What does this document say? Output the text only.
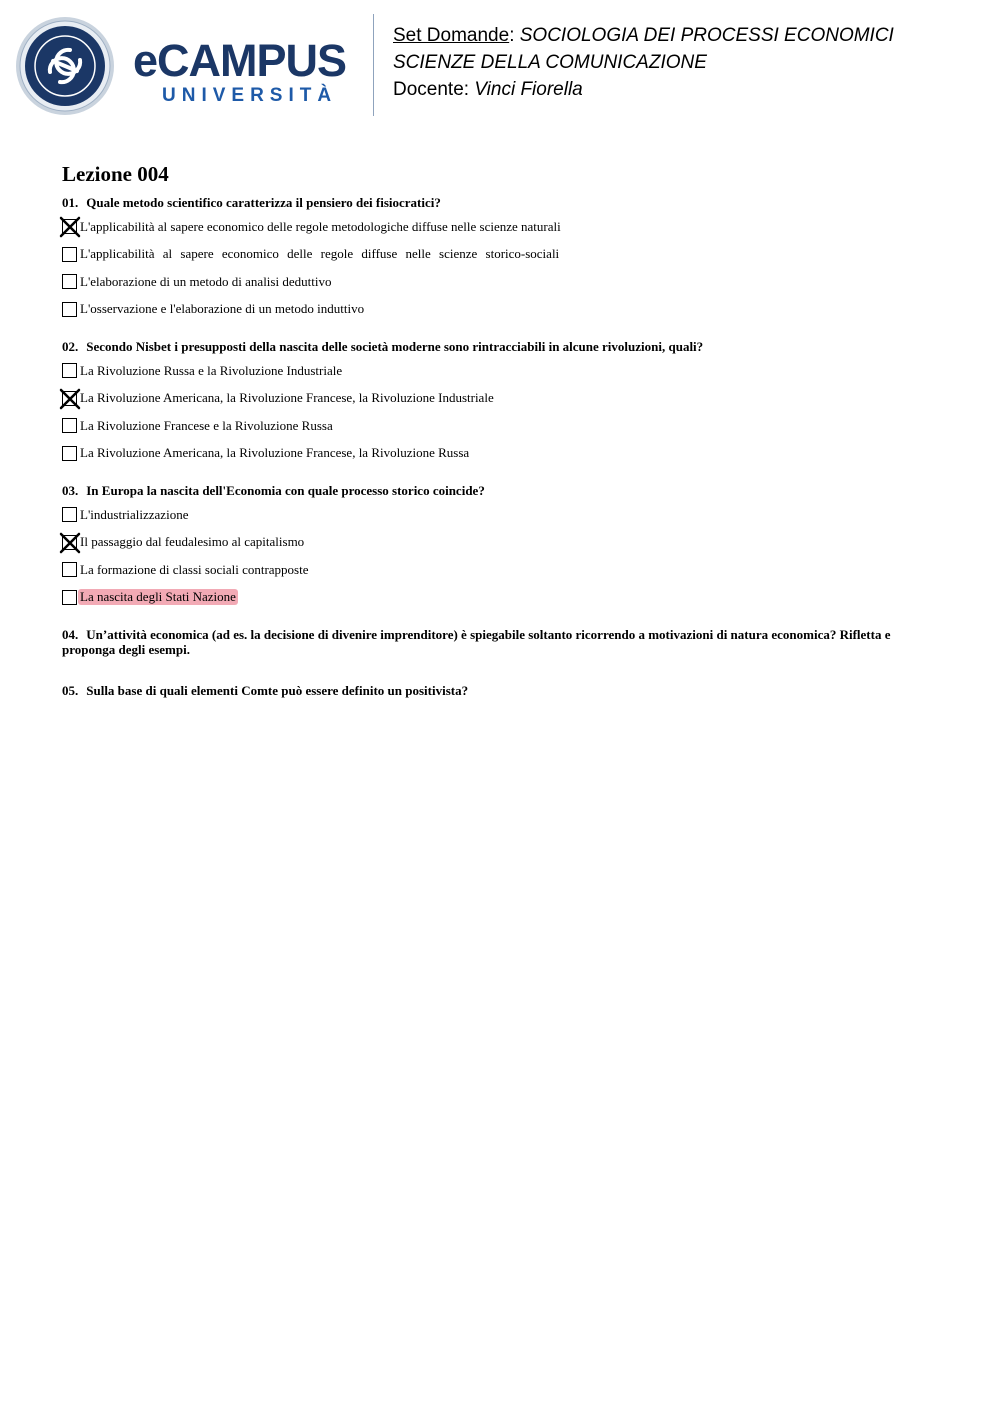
eCAMPUS
UNIVERSITÀ
Set Domande: SOCIOLOGIA DEI PROCESSI ECONOMICI
SCIENZE DELLA COMUNICAZIONE
Docente: Vinci Fiorella
Lezione 004
01. Quale metodo scientifico caratterizza il pensiero dei fisiocratici?
L'applicabilità al sapere economico delle regole metodologiche diffuse nelle scienze naturali
L'applicabilità al sapere economico delle regole diffuse nelle scienze storico-sociali
L'elaborazione di un metodo di analisi deduttivo
L'osservazione e l'elaborazione di un metodo induttivo
02. Secondo Nisbet i presupposti della nascita delle società moderne sono rintracciabili in alcune rivoluzioni, quali?
La Rivoluzione Russa e la Rivoluzione Industriale
La Rivoluzione Americana, la Rivoluzione Francese, la Rivoluzione Industriale
La Rivoluzione Francese e la Rivoluzione Russa
La Rivoluzione Americana, la Rivoluzione Francese, la Rivoluzione Russa
03. In Europa la nascita dell'Economia con quale processo storico coincide?
L'industrializzazione
Il passaggio dal feudalesimo al capitalismo
La formazione di classi sociali contrapposte
La nascita degli Stati Nazione
04. Un’attività economica (ad es. la decisione di divenire imprenditore) è spiegabile soltanto ricorrendo a motivazioni di natura economica? Rifletta e proponga degli esempi.
05. Sulla base di quali elementi Comte può essere definito un positivista?
